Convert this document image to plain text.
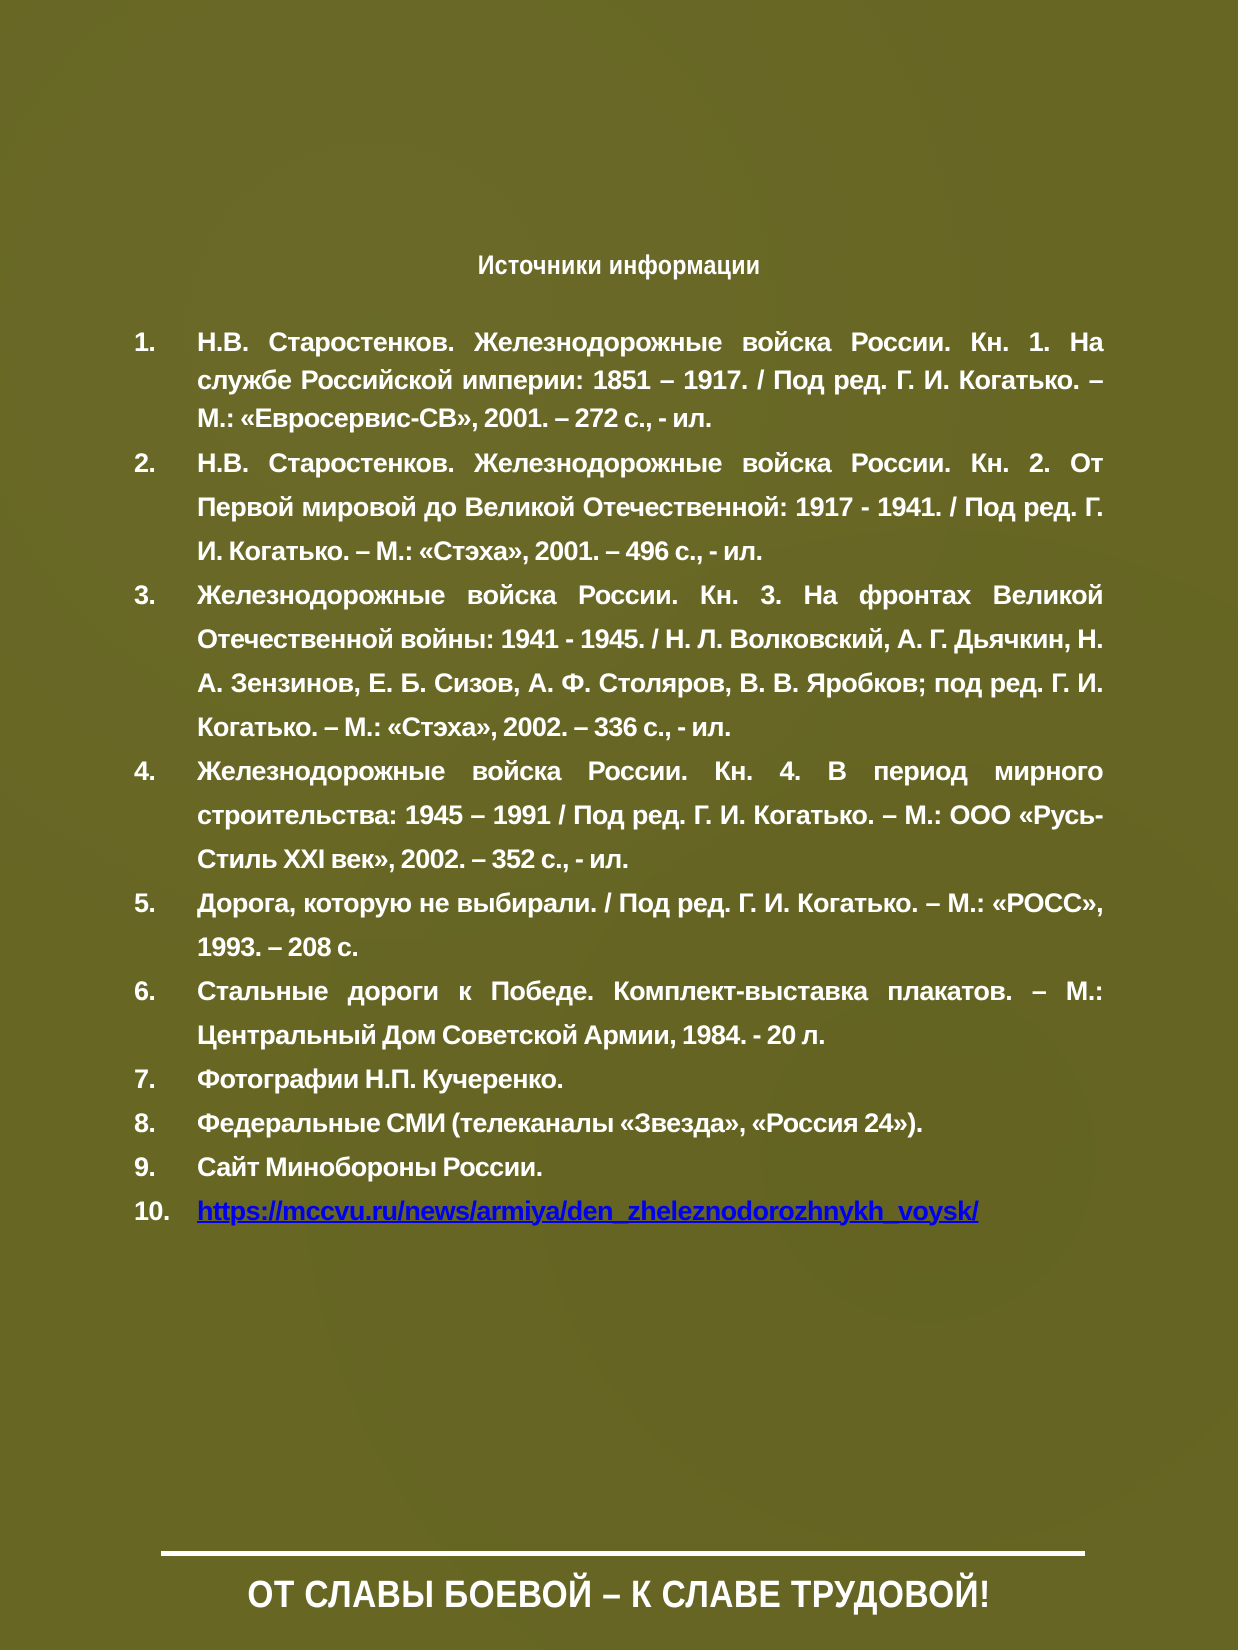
Источники информации
1.	Н.В. Старостенков. Железнодорожные войска России. Кн. 1. На службе Российской империи: 1851 – 1917. / Под ред. Г. И. Когатько. – М.: «Евросервис-СВ», 2001. – 272 с., - ил.
2.	Н.В. Старостенков. Железнодорожные войска России. Кн. 2. От Первой мировой до Великой Отечественной: 1917 - 1941. / Под ред. Г. И. Когатько. – М.: «Стэха», 2001. – 496 с., - ил.
3.	Железнодорожные войска России. Кн. 3. На фронтах Великой Отечественной войны: 1941 - 1945. / Н. Л. Волковский, А. Г. Дьячкин, Н. А. Зензинов, Е. Б. Сизов, А. Ф. Столяров, В. В. Яробков; под ред. Г. И. Когатько. – М.: «Стэха», 2002. – 336 с., - ил.
4.	Железнодорожные войска России. Кн. 4. В период мирного строительства: 1945 – 1991 / Под ред. Г. И. Когатько. – М.: ООО «Русь-Стиль XXI век», 2002. – 352 с., - ил.
5.	Дорога, которую не выбирали. / Под ред. Г. И. Когатько. – М.: «РОСС», 1993. – 208 с.
6.	Стальные дороги к Победе. Комплект-выставка плакатов. – М.: Центральный Дом Советской Армии, 1984. - 20 л.
7.	Фотографии Н.П. Кучеренко.
8.	Федеральные СМИ (телеканалы «Звезда», «Россия 24»).
9.	Сайт Минобороны России.
10.	https://mccvu.ru/news/armiya/den_zheleznodorozhnykh_voysk/
ОТ СЛАВЫ БОЕВОЙ – К СЛАВЕ ТРУДОВОЙ!
